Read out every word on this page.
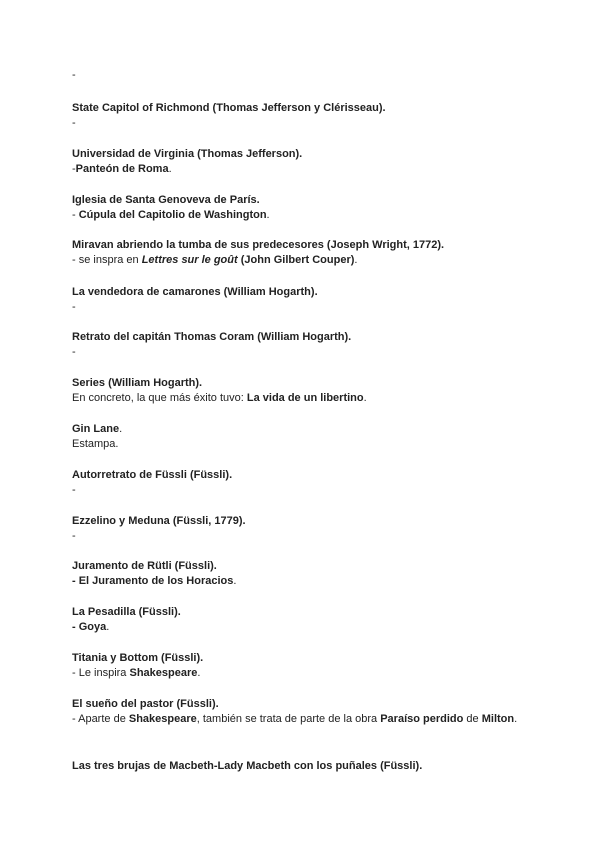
-
State Capitol of Richmond (Thomas Jefferson y Clérisseau).
-
Universidad de Virginia (Thomas Jefferson).
-Panteón de Roma.
Iglesia de Santa Genoveva de París.
- Cúpula del Capitolio de Washington.
Miravan abriendo la tumba de sus predecesores (Joseph Wright, 1772).
- se inspra en Lettres sur le goût (John Gilbert Couper).
La vendedora de camarones (William Hogarth).
-
Retrato del capitán Thomas Coram (William Hogarth).
-
Series (William Hogarth).
En concreto, la que más éxito tuvo: La vida de un libertino.
Gin Lane.
Estampa.
Autorretrato de Füssli (Füssli).
-
Ezzelino y Meduna (Füssli, 1779).
-
Juramento de Rütli (Füssli).
- El Juramento de los Horacios.
La Pesadilla (Füssli).
- Goya.
Titania y Bottom (Füssli).
- Le inspira Shakespeare.
El sueño del pastor (Füssli).
- Aparte de Shakespeare, también se trata de parte de la obra Paraíso perdido de Milton.
Las tres brujas de Macbeth-Lady Macbeth con los puñales (Füssli).
